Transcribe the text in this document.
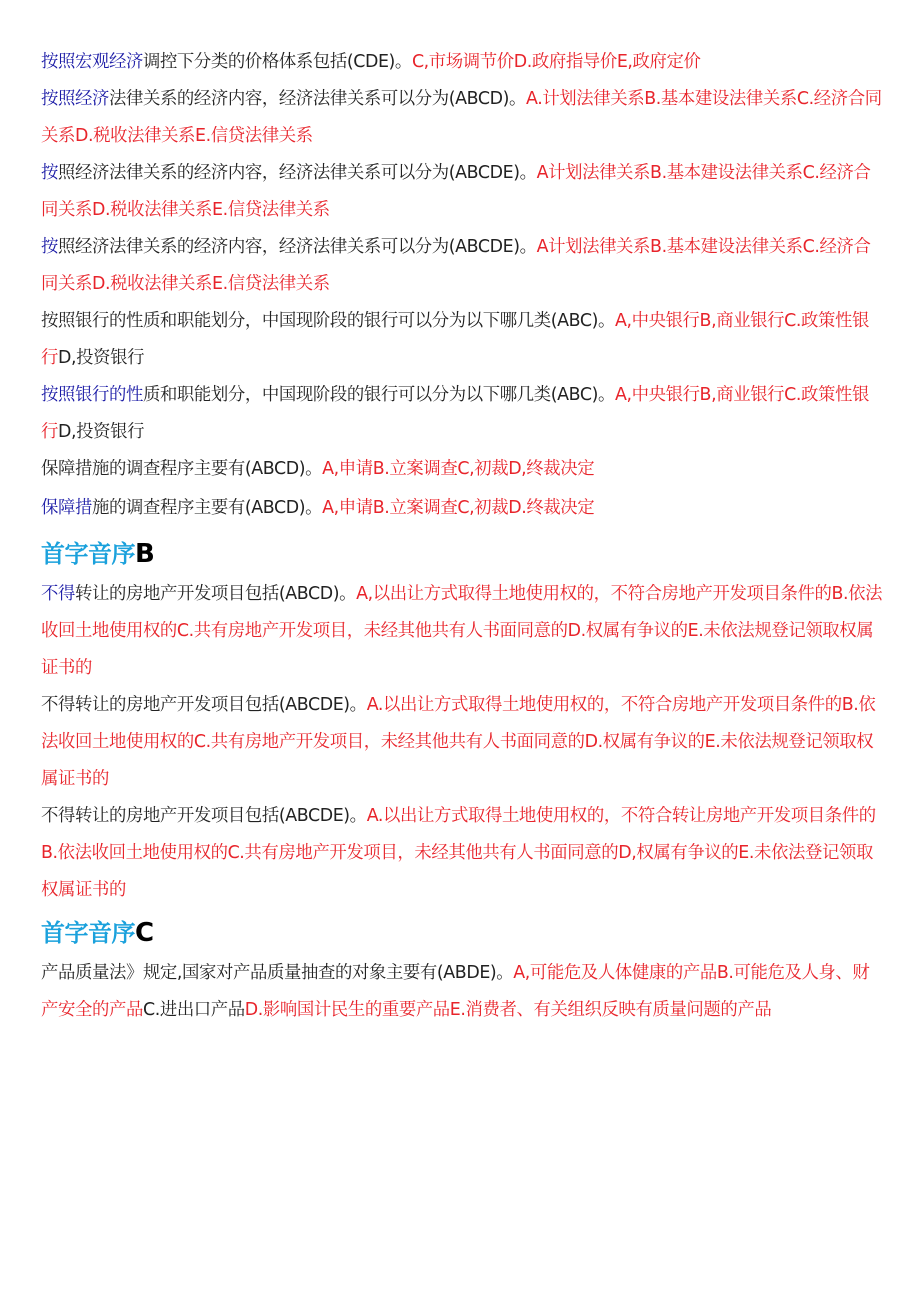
按照宏观经济调控下分类的价格体系包括(CDE)。C,市场调节价D.政府指导价E,政府定价

按照经济法律关系的经济内容，经济法律关系可以分为(ABCD)。A.计划法律关系B.基本建设法律关系C.经济合同关系D.税收法律关系E.信贷法律关系

按照经济法律关系的经济内容，经济法律关系可以分为(ABCDE)。A计划法律关系B.基本建设法律关系C.经济合同关系D.税收法律关系E.信贷法律关系

按照经济法律关系的经济内容，经济法律关系可以分为(ABCDE)。A计划法律关系B.基本建设法律关系C.经济合同关系D.税收法律关系E.信贷法律关系

按照银行的性质和职能划分，中国现阶段的银行可以分为以下哪几类(ABC)。A,中央银行B,商业银行C.政策性银行D,投资银行

按照银行的性质和职能划分，中国现阶段的银行可以分为以下哪几类(ABC)。A,中央银行B,商业银行C.政策性银行D,投资银行

保障措施的调查程序主要有(ABCD)。A,申请B.立案调查C,初裁D,终裁决定

保障措施的调查程序主要有(ABCD)。A,申请B.立案调查C,初裁D.终裁决定

首字音序B

不得转让的房地产开发项目包括(ABCD)。A,以出让方式取得土地使用权的，不符合房地产开发项目条件的B.依法收回土地使用权的C.共有房地产开发项目，未经其他共有人书面同意的D.权属有争议的E.未依法规登记领取权属证书的

不得转让的房地产开发项目包括(ABCDE)。A.以出让方式取得土地使用权的，不符合房地产开发项目条件的B.依法收回土地使用权的C.共有房地产开发项目，未经其他共有人书面同意的D.权属有争议的E.未依法规登记领取权属证书的

不得转让的房地产开发项目包括(ABCDE)。A.以出让方式取得土地使用权的，不符合转让房地产开发项目条件的B.依法收回土地使用权的C.共有房地产开发项目，未经其他共有人书面同意的D,权属有争议的E.未依法登记领取权属证书的

首字音序C

产品质量法》规定,国家对产品质量抽查的对象主要有(ABDE)。A,可能危及人体健康的产品B.可能危及人身、财产安全的产品C.进出口产品D.影响国计民生的重要产品E.消费者、有关组织反映有质量问题的产品
